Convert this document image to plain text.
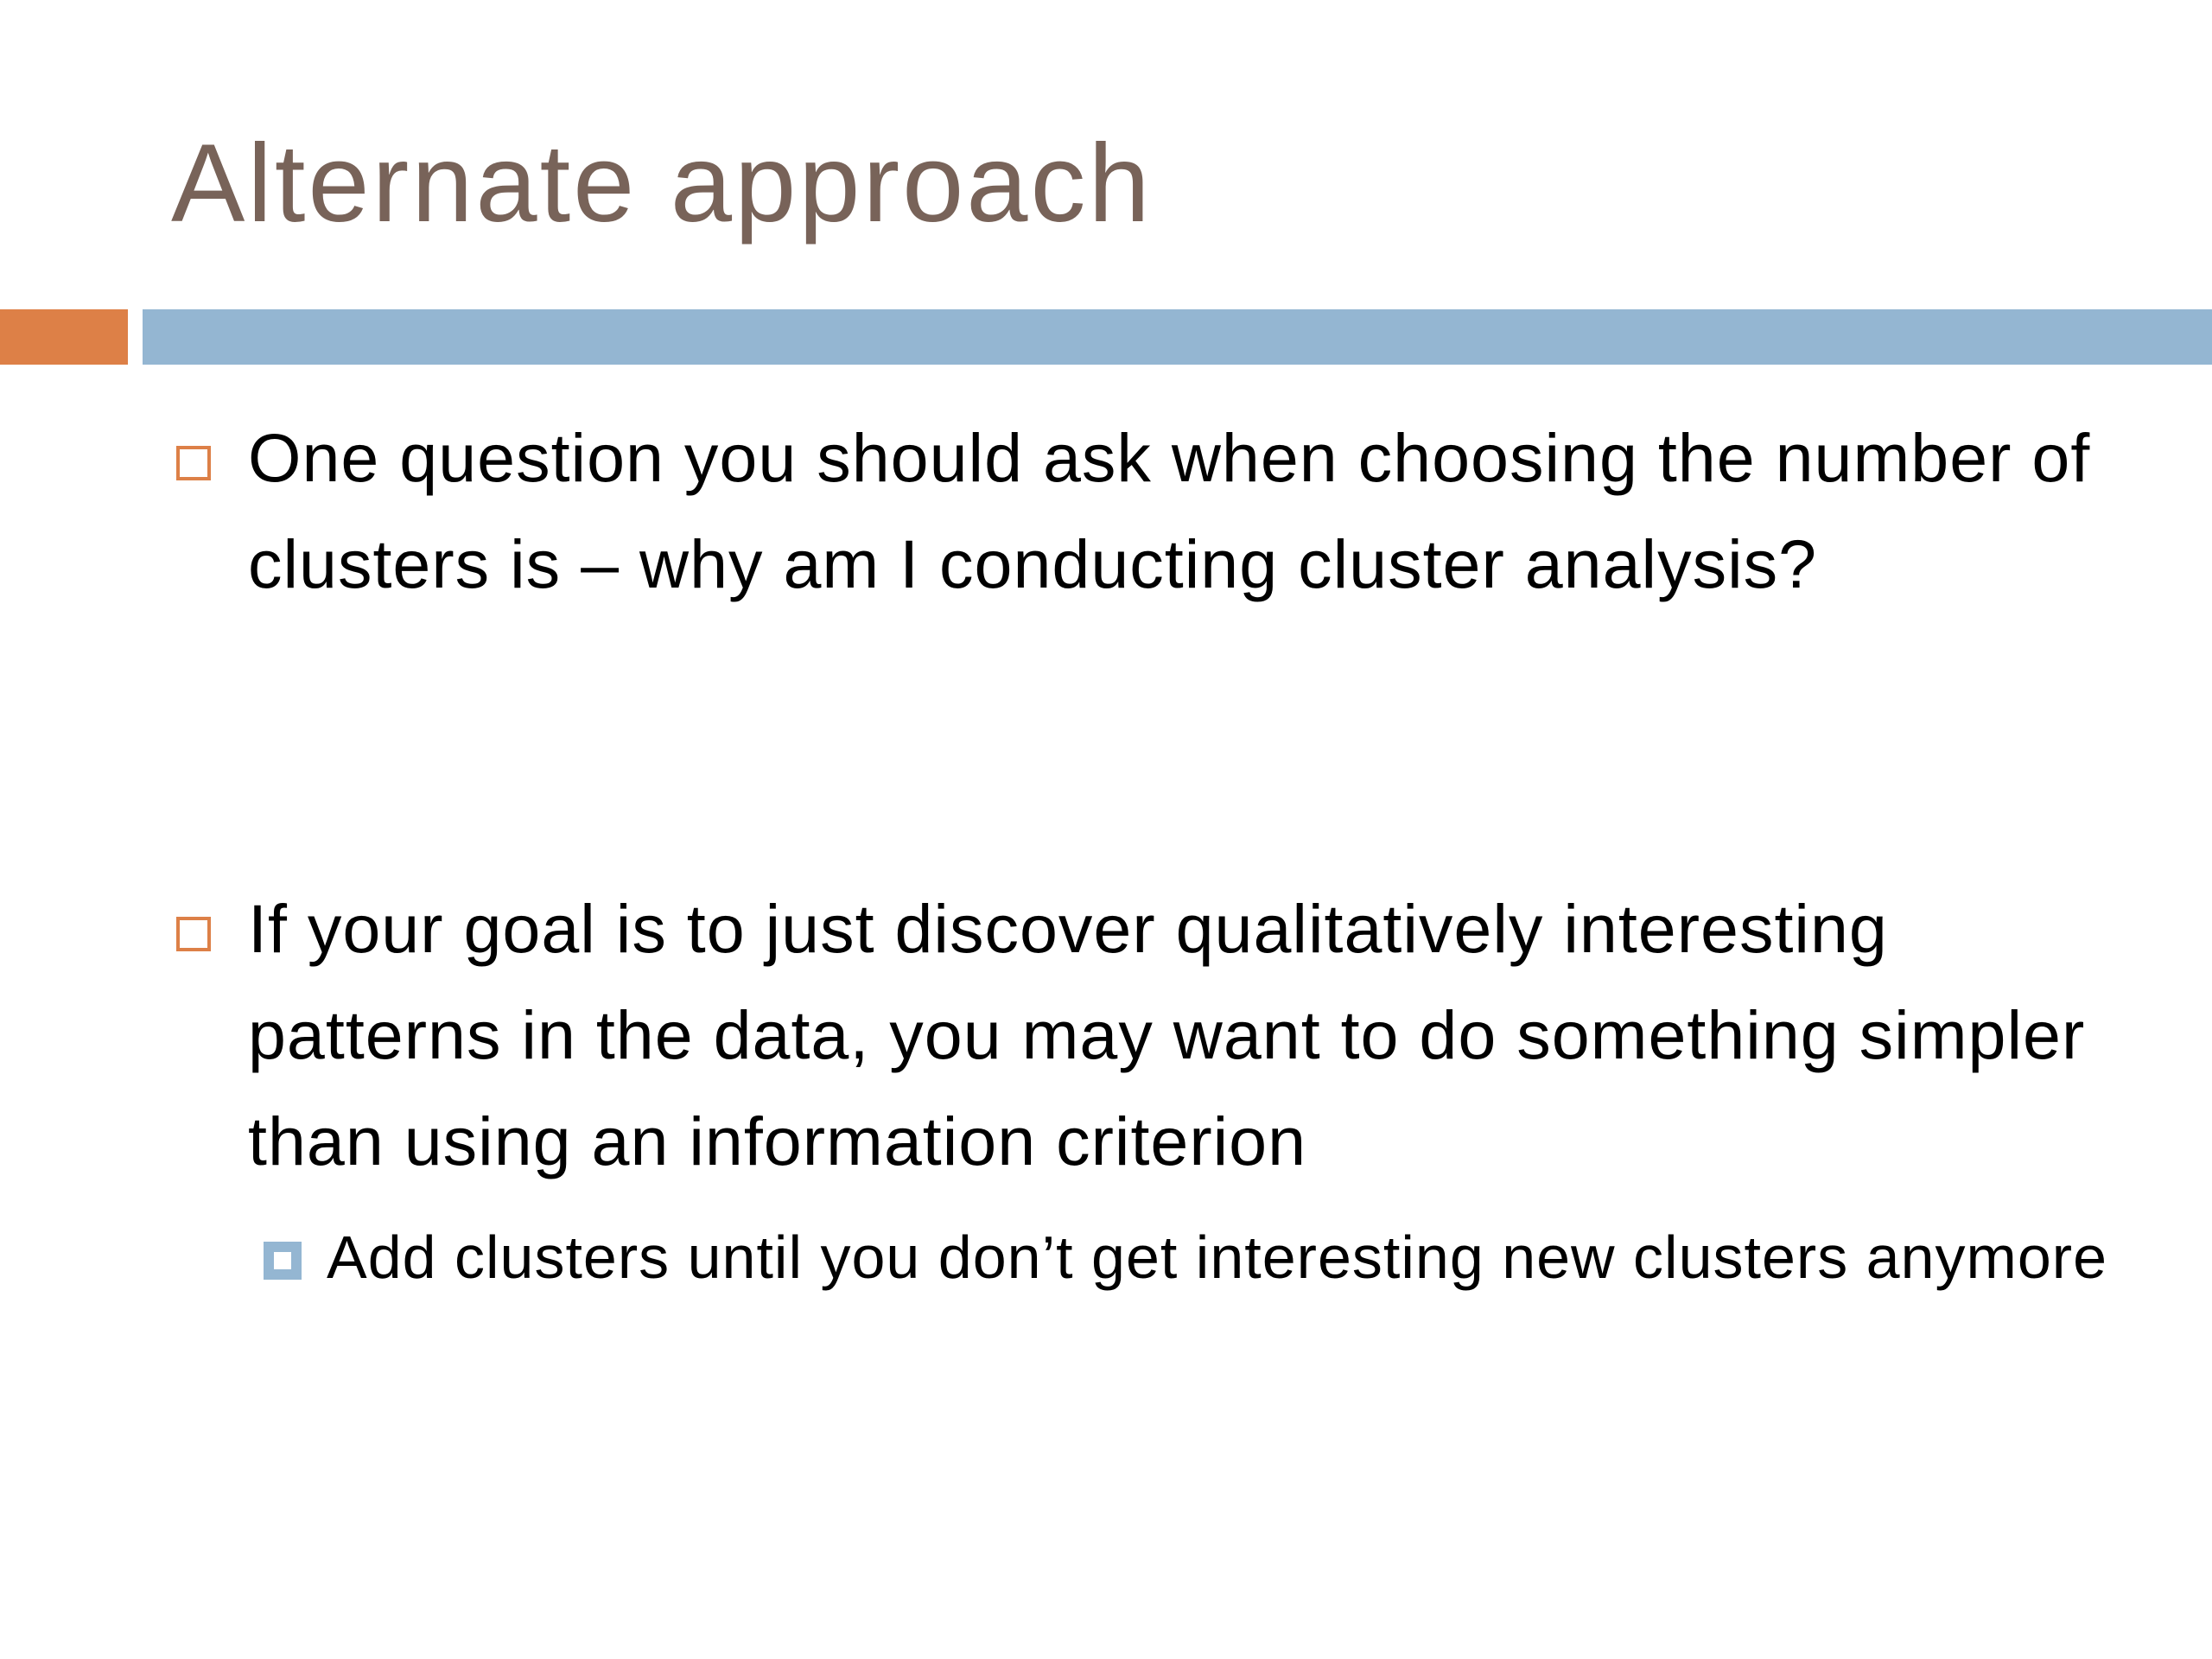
Alternate approach
One question you should ask when choosing the number of clusters is – why am I conducting cluster analysis?
If your goal is to just discover qualitatively interesting patterns in the data, you may want to do something simpler than using an information criterion
Add clusters until you don’t get interesting new clusters anymore
